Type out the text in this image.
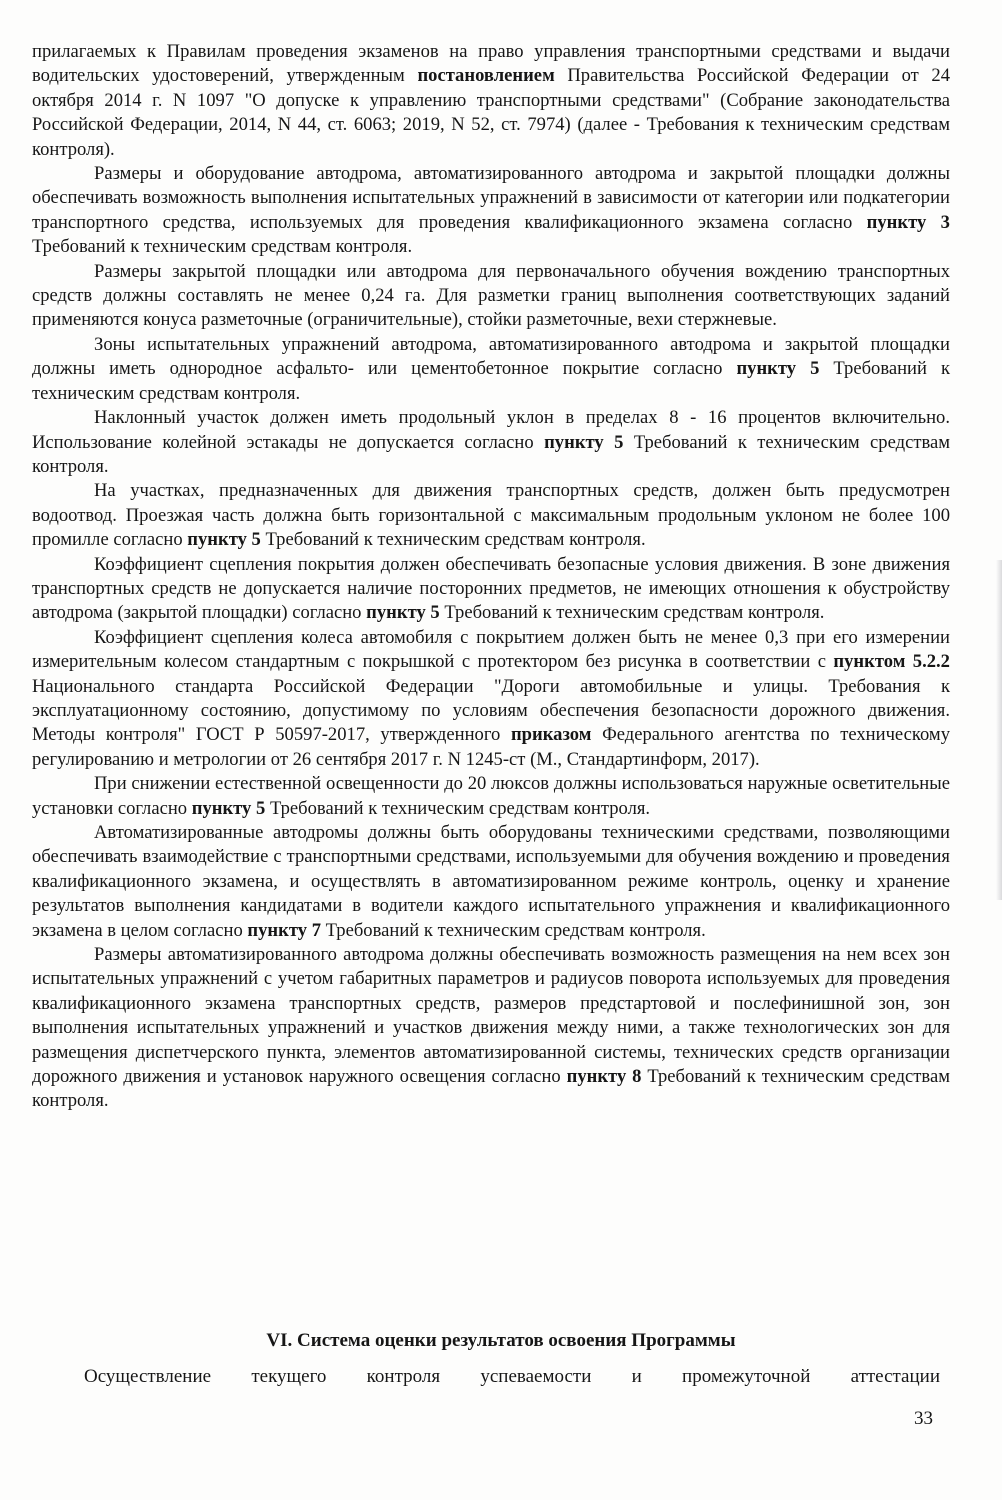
прилагаемых к Правилам проведения экзаменов на право управления транспортными средствами и выдачи водительских удостоверений, утвержденным постановлением Правительства Российской Федерации от 24 октября 2014 г. N 1097 "О допуске к управлению транспортными средствами" (Собрание законодательства Российской Федерации, 2014, N 44, ст. 6063; 2019, N 52, ст. 7974) (далее - Требования к техническим средствам контроля).

Размеры и оборудование автодрома, автоматизированного автодрома и закрытой площадки должны обеспечивать возможность выполнения испытательных упражнений в зависимости от категории или подкатегории транспортного средства, используемых для проведения квалификационного экзамена согласно пункту 3 Требований к техническим средствам контроля.

Размеры закрытой площадки или автодрома для первоначального обучения вождению транспортных средств должны составлять не менее 0,24 га. Для разметки границ выполнения соответствующих заданий применяются конуса разметочные (ограничительные), стойки разметочные, вехи стержневые.

Зоны испытательных упражнений автодрома, автоматизированного автодрома и закрытой площадки должны иметь однородное асфальто- или цементобетонное покрытие согласно пункту 5 Требований к техническим средствам контроля.

Наклонный участок должен иметь продольный уклон в пределах 8 - 16 процентов включительно. Использование колейной эстакады не допускается согласно пункту 5 Требований к техническим средствам контроля.

На участках, предназначенных для движения транспортных средств, должен быть предусмотрен водоотвод. Проезжая часть должна быть горизонтальной с максимальным продольным уклоном не более 100 промилле согласно пункту 5 Требований к техническим средствам контроля.

Коэффициент сцепления покрытия должен обеспечивать безопасные условия движения. В зоне движения транспортных средств не допускается наличие посторонних предметов, не имеющих отношения к обустройству автодрома (закрытой площадки) согласно пункту 5 Требований к техническим средствам контроля.

Коэффициент сцепления колеса автомобиля с покрытием должен быть не менее 0,3 при его измерении измерительным колесом стандартным с покрышкой с протектором без рисунка в соответствии с пунктом 5.2.2 Национального стандарта Российской Федерации "Дороги автомобильные и улицы. Требования к эксплуатационному состоянию, допустимому по условиям обеспечения безопасности дорожного движения. Методы контроля" ГОСТ Р 50597-2017, утвержденного приказом Федерального агентства по техническому регулированию и метрологии от 26 сентября 2017 г. N 1245-ст (М., Стандартинформ, 2017).

При снижении естественной освещенности до 20 люксов должны использоваться наружные осветительные установки согласно пункту 5 Требований к техническим средствам контроля.

Автоматизированные автодромы должны быть оборудованы техническими средствами, позволяющими обеспечивать взаимодействие с транспортными средствами, используемыми для обучения вождению и проведения квалификационного экзамена, и осуществлять в автоматизированном режиме контроль, оценку и хранение результатов выполнения кандидатами в водители каждого испытательного упражнения и квалификационного экзамена в целом согласно пункту 7 Требований к техническим средствам контроля.

Размеры автоматизированного автодрома должны обеспечивать возможность размещения на нем всех зон испытательных упражнений с учетом габаритных параметров и радиусов поворота используемых для проведения квалификационного экзамена транспортных средств, размеров предстартовой и послефинишной зон, зон выполнения испытательных упражнений и участков движения между ними, а также технологических зон для размещения диспетчерского пункта, элементов автоматизированной системы, технических средств организации дорожного движения и установок наружного освещения согласно пункту 8 Требований к техническим средствам контроля.

VI. Система оценки результатов освоения Программы
Осуществление текущего контроля успеваемости и промежуточной аттестации
33
